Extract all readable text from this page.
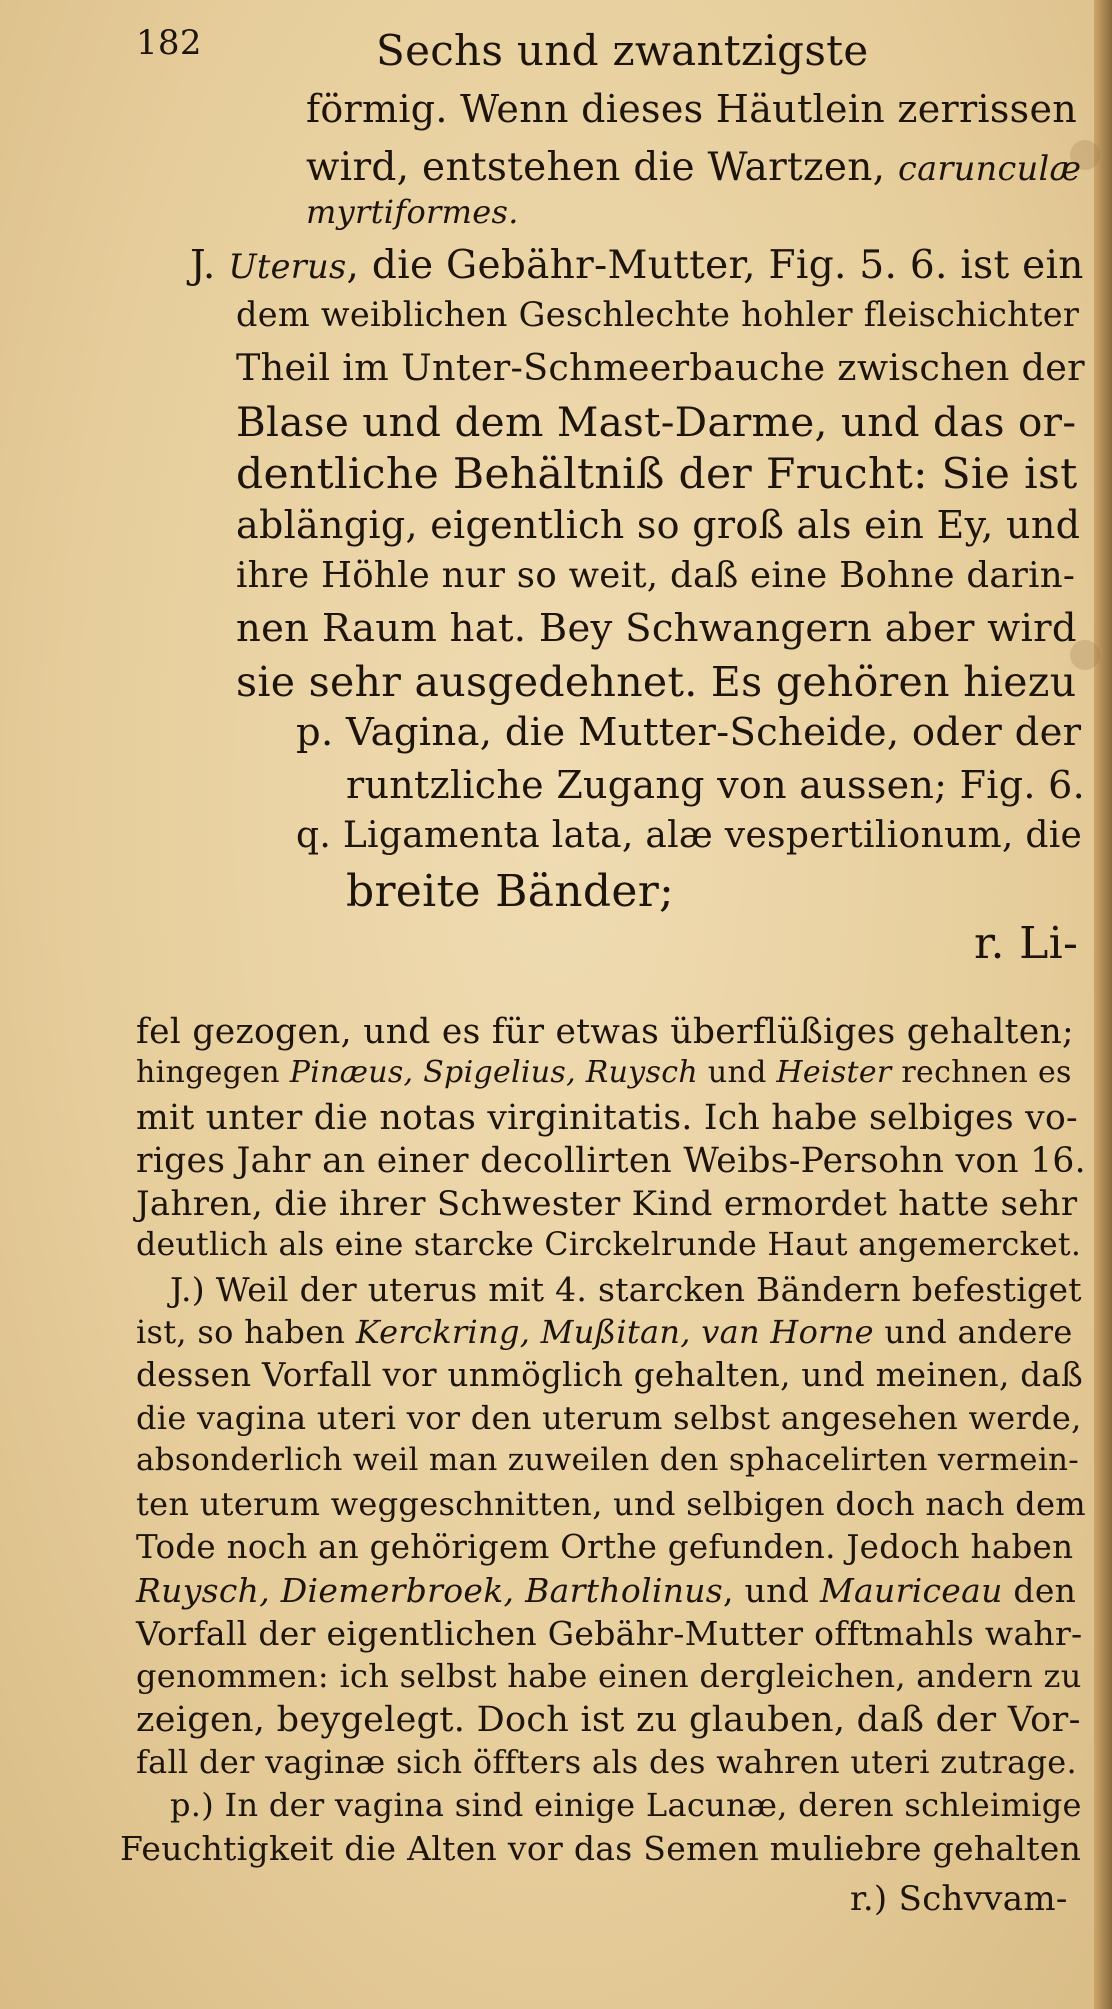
182	Sechs und zwantzigste
förmig. Wenn dieses Häutlein zerrissen
wird, entstehen die Wartzen, carunculæ
myrtiformes.
J. Uterus, die Gebähr-Mutter, Fig. 5. 6. ist ein
dem weiblichen Geschlechte hohler fleischichter
Theil im Unter-Schmeerbauche zwischen der
Blase und dem Mast-Darme, und das or-
dentliche Behältniß der Frucht: Sie ist
ablängig, eigentlich so groß als ein Ey, und
ihre Höhle nur so weit, daß eine Bohne darin-
nen Raum hat. Bey Schwangern aber wird
sie sehr ausgedehnet. Es gehören hiezu
p. Vagina, die Mutter-Scheide, oder der
runtzliche Zugang von aussen; Fig. 6.
q. Ligamenta lata, alæ vespertilionum, die
breite Bänder;
r. Li-
fel gezogen, und es für etwas überflüßiges gehalten;
hingegen Pinæus, Spigelius, Ruysch und Heister rechnen es
mit unter die notas virginitatis. Ich habe selbiges vo-
riges Jahr an einer decollirten Weibs-Persohn von 16.
Jahren, die ihrer Schwester Kind ermordet hatte sehr
deutlich als eine starcke Circkelrunde Haut angemercket.
J.) Weil der uterus mit 4. starcken Bändern befestiget
ist, so haben Kerckring, Mußitan, van Horne und andere
dessen Vorfall vor unmöglich gehalten, und meinen, daß
die vagina uteri vor den uterum selbst angesehen werde,
absonderlich weil man zuweilen den sphacelirten vermein-
ten uterum weggeschnitten, und selbigen doch nach dem
Tode noch an gehörigem Orthe gefunden. Jedoch haben
Ruysch, Diemerbroek, Bartholinus, und Mauriceau den
Vorfall der eigentlichen Gebähr-Mutter offtmahls wahr-
genommen: ich selbst habe einen dergleichen, andern zu
zeigen, beygelegt. Doch ist zu glauben, daß der Vor-
fall der vaginæ sich öffters als des wahren uteri zutrage.
p.) In der vagina sind einige Lacunæ, deren schleimige
Feuchtigkeit die Alten vor das Semen muliebre gehalten
r.) Schvvam-
